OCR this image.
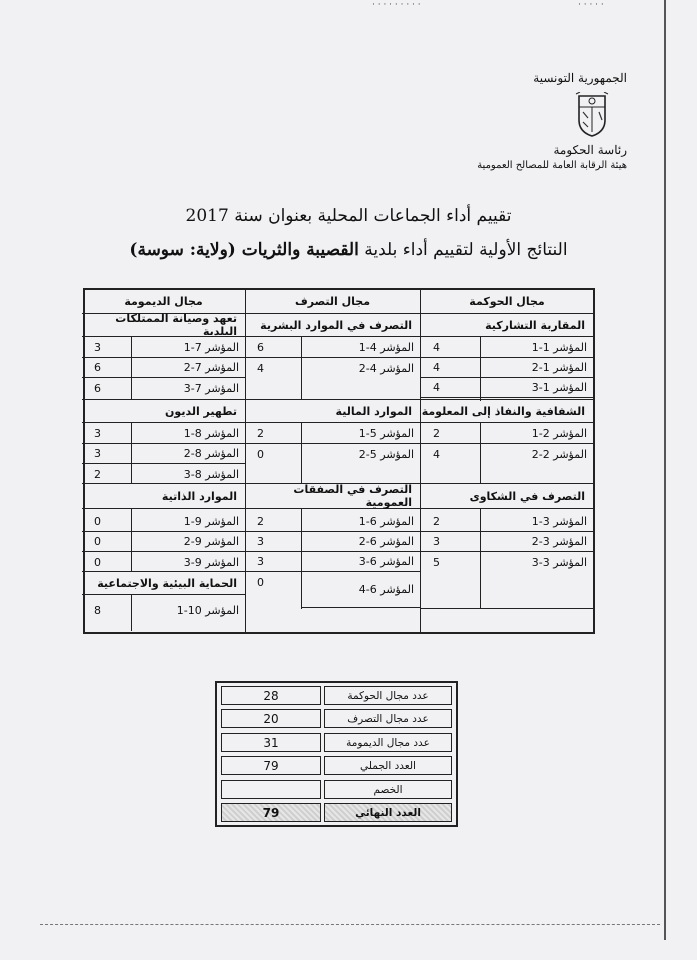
· · · · · · · · ·	· · · · ·
الجمهورية التونسية
رئاسة الحكومة
هيئة الرقابة العامة للمصالح العمومية
تقييم أداء الجماعات المحلية بعنوان سنة 2017
النتائج الأولية لتقييم أداء بلدية القصيبة والثريات (ولاية: سوسة)
مجال الحوكمة
المقاربة التشاركية
المؤشر 1-1
4
المؤشر 1-2
4
المؤشر 1-3
4
الشفافية والنفاذ إلى المعلومة
المؤشر 2-1
2
المؤشر 2-2
4
التصرف في الشكاوى
المؤشر 3-1
2
المؤشر 3-2
3
المؤشر 3-3
5
مجال التصرف
التصرف في الموارد البشرية
المؤشر 4-1
6
المؤشر 4-2
4
الموارد المالية
المؤشر 5-1
2
المؤشر 5-2
0
التصرف في الصفقات العمومية
المؤشر 6-1
2
المؤشر 6-2
3
المؤشر 6-3
3
المؤشر 6-4
0
مجال الديمومة
تعهد وصيانة الممتلكات البلدية
المؤشر 7-1
3
المؤشر 7-2
6
المؤشر 7-3
6
تطهير الديون
المؤشر 8-1
3
المؤشر 8-2
3
المؤشر 8-3
2
الموارد الذاتية
المؤشر 9-1
0
المؤشر 9-2
0
المؤشر 9-3
0
الحماية البيئية والاجتماعية
المؤشر 10-1
8
عدد مجال الحوكمة
28
عدد مجال التصرف
20
عدد مجال الديمومة
31
العدد الجملي
79
الخصم
العدد النهائي
79
